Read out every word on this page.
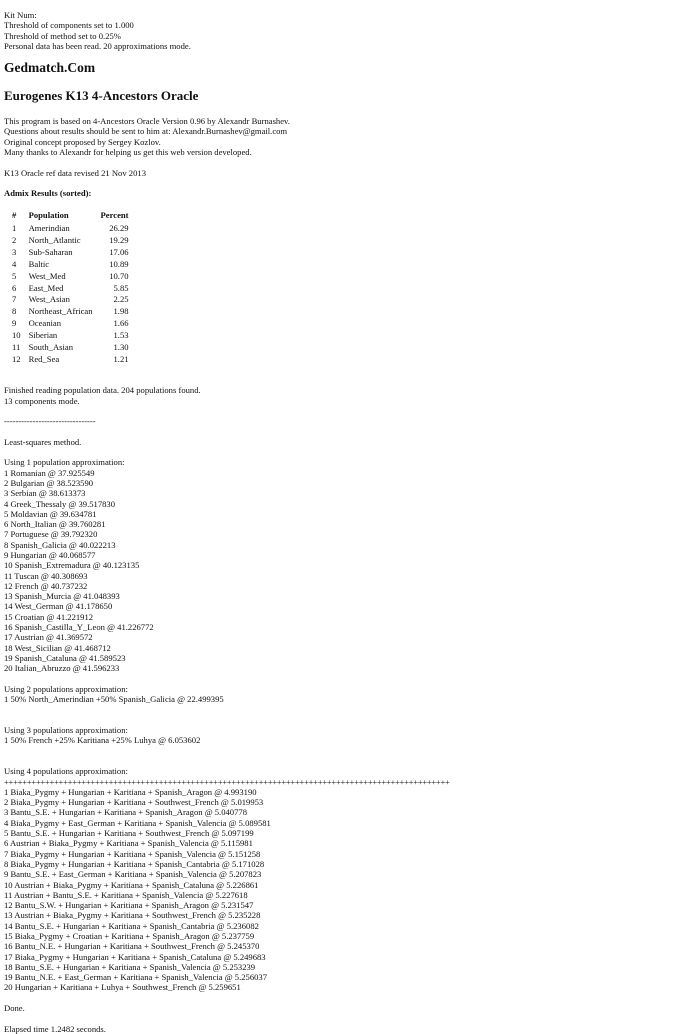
Kit Num:
Threshold of components set to 1.000
Threshold of method set to 0.25%
Personal data has been read. 20 approximations mode.
Gedmatch.Com
Eurogenes K13 4-Ancestors Oracle
This program is based on 4-Ancestors Oracle Version 0.96 by Alexandr Burnashev.
Questions about results should be sent to him at: Alexandr.Burnashev@gmail.com
Original concept proposed by Sergey Kozlov.
Many thanks to Alexandr for helping us get this web version developed.
K13 Oracle ref data revised 21 Nov 2013
Admix Results (sorted):
#	Population	Percent
1	Amerindian	26.29
2	North_Atlantic	19.29
3	Sub-Saharan	17.06
4	Baltic	10.89
5	West_Med	10.70
6	East_Med	5.85
7	West_Asian	2.25
8	Northeast_African	1.98
9	Oceanian	1.66
10	Siberian	1.53
11	South_Asian	1.30
12	Red_Sea	1.21
Finished reading population data. 204 populations found.
13 components mode.
--------------------------------
Least-squares method.
Using 1 population approximation:
1 Romanian @ 37.925549
2 Bulgarian @ 38.523590
3 Serbian @ 38.613373
4 Greek_Thessaly @ 39.517830
5 Moldavian @ 39.634781
6 North_Italian @ 39.760281
7 Portuguese @ 39.792320
8 Spanish_Galicia @ 40.022213
9 Hungarian @ 40.068577
10 Spanish_Extremadura @ 40.123135
11 Tuscan @ 40.308693
12 French @ 40.737232
13 Spanish_Murcia @ 41.048393
14 West_German @ 41.178650
15 Croatian @ 41.221912
16 Spanish_Castilla_Y_Leon @ 41.226772
17 Austrian @ 41.369572
18 West_Sicilian @ 41.468712
19 Spanish_Cataluna @ 41.589523
20 Italian_Abruzzo @ 41.596233
Using 2 populations approximation:
1 50% North_Amerindian +50% Spanish_Galicia @ 22.499395
Using 3 populations approximation:
1 50% French +25% Karitiana +25% Luhya @ 6.053602
Using 4 populations approximation:
++++++++++++++++++++++++++++++++++++++++++++++++++++++++++++++++++++++++++++++++++++++++++++++++++
1 Biaka_Pygmy + Hungarian + Karitiana + Spanish_Aragon @ 4.993190
2 Biaka_Pygmy + Hungarian + Karitiana + Southwest_French @ 5.019953
3 Bantu_S.E. + Hungarian + Karitiana + Spanish_Aragon @ 5.040778
4 Biaka_Pygmy + East_German + Karitiana + Spanish_Valencia @ 5.089581
5 Bantu_S.E. + Hungarian + Karitiana + Southwest_French @ 5.097199
6 Austrian + Biaka_Pygmy + Karitiana + Spanish_Valencia @ 5.115981
7 Biaka_Pygmy + Hungarian + Karitiana + Spanish_Valencia @ 5.151258
8 Biaka_Pygmy + Hungarian + Karitiana + Spanish_Cantabria @ 5.171028
9 Bantu_S.E. + East_German + Karitiana + Spanish_Valencia @ 5.207823
10 Austrian + Biaka_Pygmy + Karitiana + Spanish_Cataluna @ 5.226861
11 Austrian + Bantu_S.E. + Karitiana + Spanish_Valencia @ 5.227618
12 Bantu_S.W. + Hungarian + Karitiana + Spanish_Aragon @ 5.231547
13 Austrian + Biaka_Pygmy + Karitiana + Southwest_French @ 5.235228
14 Bantu_S.E. + Hungarian + Karitiana + Spanish_Cantabria @ 5.236082
15 Biaka_Pygmy + Croatian + Karitiana + Spanish_Aragon @ 5.237759
16 Bantu_N.E. + Hungarian + Karitiana + Southwest_French @ 5.245370
17 Biaka_Pygmy + Hungarian + Karitiana + Spanish_Cataluna @ 5.249683
18 Bantu_S.E. + Hungarian + Karitiana + Spanish_Valencia @ 5.253239
19 Bantu_N.E. + East_German + Karitiana + Spanish_Valencia @ 5.256037
20 Hungarian + Karitiana + Luhya + Southwest_French @ 5.259651
Done.
Elapsed time 1.2482 seconds.
